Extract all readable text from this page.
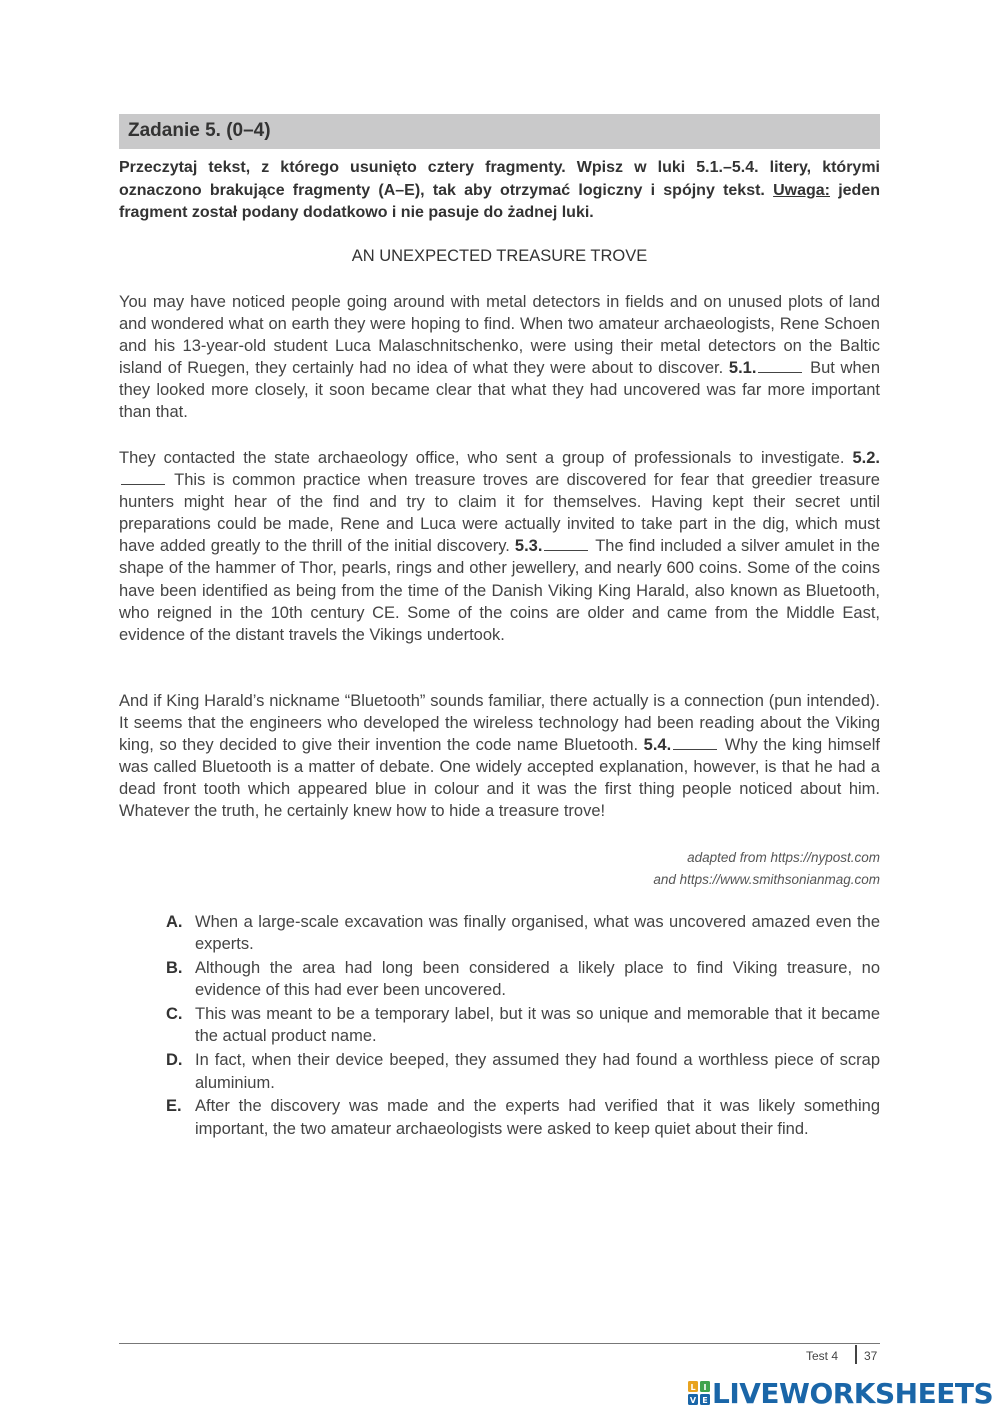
Zadanie 5. (0–4)
Przeczytaj tekst, z którego usunięto cztery fragmenty. Wpisz w luki 5.1.–5.4. litery, którymi oznaczono brakujące fragmenty (A–E), tak aby otrzymać logiczny i spójny tekst. Uwaga: jeden fragment został podany dodatkowo i nie pasuje do żadnej luki.
AN UNEXPECTED TREASURE TROVE
You may have noticed people going around with metal detectors in fields and on unused plots of land and wondered what on earth they were hoping to find. When two amateur archaeologists, Rene Schoen and his 13-year-old student Luca Malaschnitschenko, were using their metal detectors on the Baltic island of Ruegen, they certainly had no idea of what they were about to discover. 5.1.	But when they looked more closely, it soon became clear that what they had uncovered was far more important than that.
They contacted the state archaeology office, who sent a group of professionals to investigate. 5.2. This is common practice when treasure troves are discovered for fear that greedier treasure hunters might hear of the find and try to claim it for themselves. Having kept their secret until preparations could be made, Rene and Luca were actually invited to take part in the dig, which must have added greatly to the thrill of the initial discovery. 5.3.	The find included a silver amulet in the shape of the hammer of Thor, pearls, rings and other jewellery, and nearly 600 coins. Some of the coins have been identified as being from the time of the Danish Viking King Harald, also known as Bluetooth, who reigned in the 10th century CE. Some of the coins are older and came from the Middle East, evidence of the distant travels the Vikings undertook.
And if King Harald’s nickname “Bluetooth” sounds familiar, there actually is a connection (pun intended). It seems that the engineers who developed the wireless technology had been reading about the Viking king, so they decided to give their invention the code name Bluetooth. 5.4.	Why the king himself was called Bluetooth is a matter of debate. One widely accepted explanation, however, is that he had a dead front tooth which appeared blue in colour and it was the first thing people noticed about him. Whatever the truth, he certainly knew how to hide a treasure trove!
adapted from https://nypost.com
and https://www.smithsonianmag.com
A. When a large-scale excavation was finally organised, what was uncovered amazed even the experts.
B. Although the area had long been considered a likely place to find Viking treasure, no evidence of this had ever been uncovered.
C. This was meant to be a temporary label, but it was so unique and memorable that it became the actual product name.
D. In fact, when their device beeped, they assumed they had found a worthless piece of scrap aluminium.
E. After the discovery was made and the experts had verified that it was likely something important, the two amateur archaeologists were asked to keep quiet about their find.
Test 4 37
L I
V E LIVEWORKSHEETS
